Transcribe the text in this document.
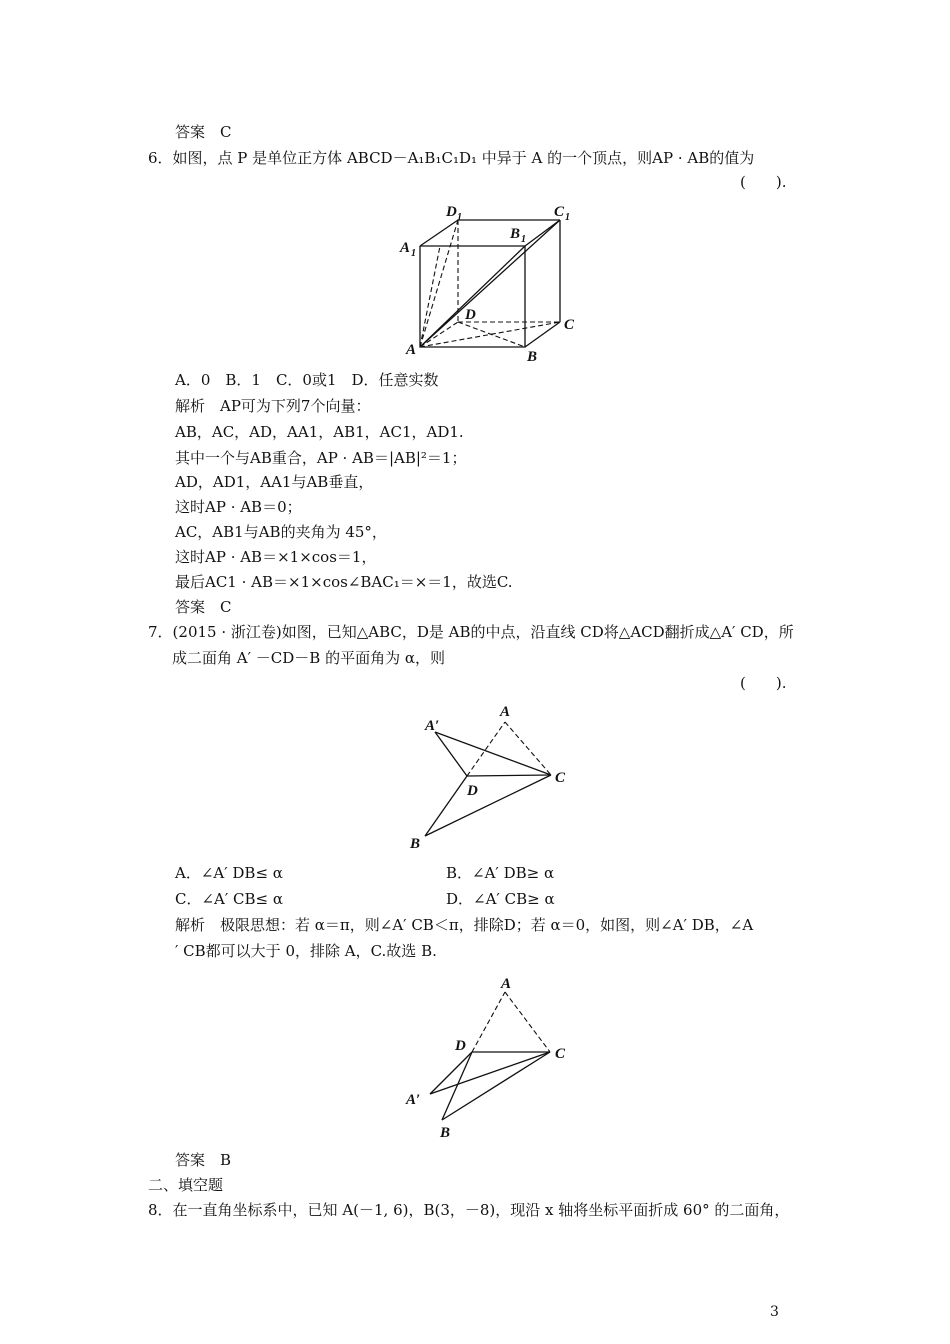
答案　C
6．如图，点 P 是单位正方体 ABCD－A₁B₁C₁D₁ 中异于 A 的一个顶点，则AP · AB的值为
(　　).
D 1	C 1
B 1
A 1
D
C
A	B
A．0　B．1　C．0或1　D．任意实数
解析　AP可为下列7个向量：
AB，AC，AD，AA1，AB1，AC1，AD1.
其中一个与AB重合，AP · AB＝|AB|²＝1；
AD，AD1，AA1与AB垂直，
这时AP · AB＝0；
AC，AB1与AB的夹角为 45°，
这时AP · AB＝×1×cos＝1，
最后AC1 · AB＝×1×cos∠BAC₁＝×＝1，故选C.
答案　C
7．(2015 · 浙江卷)如图，已知△ABC，D是 AB的中点，沿直线 CD将△ACD翻折成△A′ CD，所
成二面角 A′ －CD－B 的平面角为 α，则
(　　).
A′
A
C
D
B
A．∠A′ DB≤ α	B．∠A′ DB≥ α
C．∠A′ CB≤ α	D．∠A′ CB≥ α
解析　极限思想：若 α＝π，则∠A′ CB＜π，排除D；若 α＝0，如图，则∠A′ DB，∠A
′ CB都可以大于 0，排除 A，C.故选 B.
A
D	C
A′
B
答案　B
二、填空题
8．在一直角坐标系中，已知 A(－1, 6)，B(3，－8)，现沿 x 轴将坐标平面折成 60° 的二面角，
3
